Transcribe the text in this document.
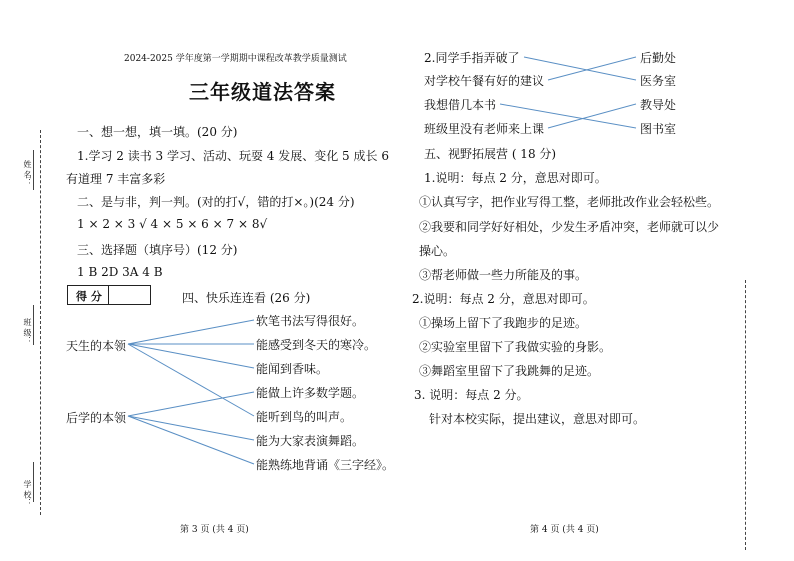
姓 名：
班 级：
学 校：
2024-2025 学年度第一学期期中课程改革教学质量测试
三年级道法答案
一、想一想，填一填。(20 分)
1.学习 2 读书 3 学习、活动、玩耍 4 发展、变化 5 成长 6
有道理 7 丰富多彩
二、是与非，判一判。(对的打√，错的打×。)(24 分)
1 × 2 × 3 √ 4 × 5 × 6 × 7 × 8√
三、选择题（填序号）(12 分)
1 B 2D 3A 4 B
得 分	四、快乐连连看 (26 分)
天生的本领
后学的本领
软笔书法写得很好。
能感受到冬天的寒冷。
能闻到香味。
能做上许多数学题。
能听到鸟的叫声。
能为大家表演舞蹈。
能熟练地背诵《三字经》。
第 3 页 (共 4 页)
2.同学手指弄破了
对学校午餐有好的建议
我想借几本书
班级里没有老师来上课
后勤处
医务室
教导处
图书室
五、视野拓展营 ( 18 分)
1.说明：每点 2 分，意思对即可。
①认真写字，把作业写得工整，老师批改作业会轻松些。
②我要和同学好好相处，少发生矛盾冲突，老师就可以少
操心。
③帮老师做一些力所能及的事。
2.说明：每点 2 分，意思对即可。
①操场上留下了我跑步的足迹。
②实验室里留下了我做实验的身影。
③舞蹈室里留下了我跳舞的足迹。
3. 说明：每点 2 分。
针对本校实际，提出建议，意思对即可。
第 4 页 (共 4 页)
